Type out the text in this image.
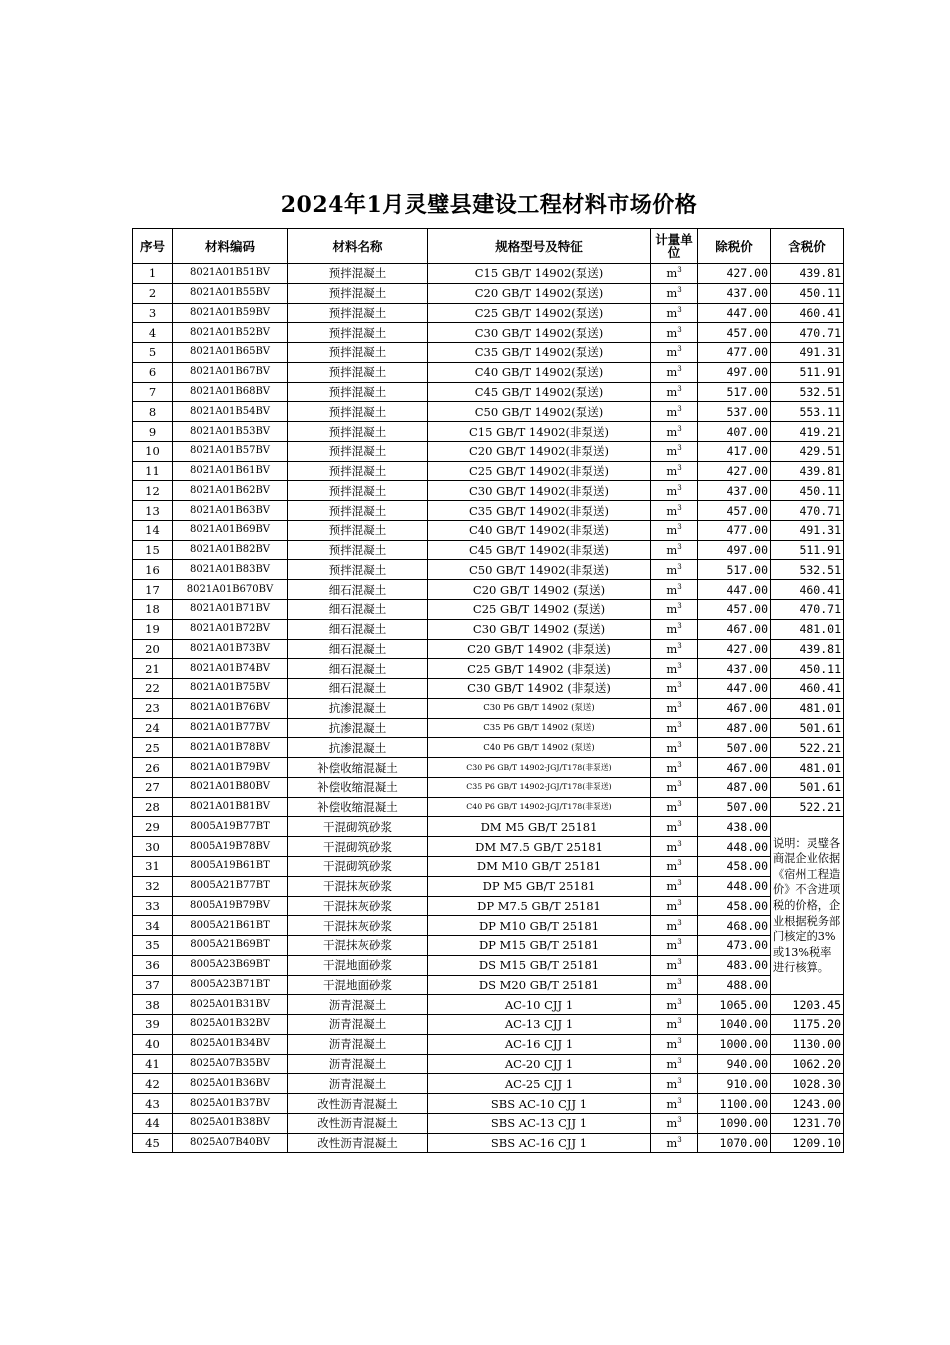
2024年1月灵璧县建设工程材料市场价格
序号	材料编码	材料名称	规格型号及特征	计量单位	除税价	含税价
1	8021A01B51BV	预拌混凝土	C15 GB/T 14902(泵送)	$m^3$	427.00	439.81
2	8021A01B55BV	预拌混凝土	C20 GB/T 14902(泵送)	$m^3$	437.00	450.11
3	8021A01B59BV	预拌混凝土	C25 GB/T 14902(泵送)	$m^3$	447.00	460.41
4	8021A01B52BV	预拌混凝土	C30 GB/T 14902(泵送)	$m^3$	457.00	470.71
5	8021A01B65BV	预拌混凝土	C35 GB/T 14902(泵送)	$m^3$	477.00	491.31
6	8021A01B67BV	预拌混凝土	C40 GB/T 14902(泵送)	$m^3$	497.00	511.91
7	8021A01B68BV	预拌混凝土	C45 GB/T 14902(泵送)	$m^3$	517.00	532.51
8	8021A01B54BV	预拌混凝土	C50 GB/T 14902(泵送)	$m^3$	537.00	553.11
9	8021A01B53BV	预拌混凝土	C15 GB/T 14902(非泵送)	$m^3$	407.00	419.21
10	8021A01B57BV	预拌混凝土	C20 GB/T 14902(非泵送)	$m^3$	417.00	429.51
11	8021A01B61BV	预拌混凝土	C25 GB/T 14902(非泵送)	$m^3$	427.00	439.81
12	8021A01B62BV	预拌混凝土	C30 GB/T 14902(非泵送)	$m^3$	437.00	450.11
13	8021A01B63BV	预拌混凝土	C35 GB/T 14902(非泵送)	$m^3$	457.00	470.71
14	8021A01B69BV	预拌混凝土	C40 GB/T 14902(非泵送)	$m^3$	477.00	491.31
15	8021A01B82BV	预拌混凝土	C45 GB/T 14902(非泵送)	$m^3$	497.00	511.91
16	8021A01B83BV	预拌混凝土	C50 GB/T 14902(非泵送)	$m^3$	517.00	532.51
17	8021A01B670BV	细石混凝土	C20 GB/T 14902 (泵送)	$m^3$	447.00	460.41
18	8021A01B71BV	细石混凝土	C25 GB/T 14902 (泵送)	$m^3$	457.00	470.71
19	8021A01B72BV	细石混凝土	C30 GB/T 14902 (泵送)	$m^3$	467.00	481.01
20	8021A01B73BV	细石混凝土	C20 GB/T 14902 (非泵送)	$m^3$	427.00	439.81
21	8021A01B74BV	细石混凝土	C25 GB/T 14902 (非泵送)	$m^3$	437.00	450.11
22	8021A01B75BV	细石混凝土	C30 GB/T 14902 (非泵送)	$m^3$	447.00	460.41
23	8021A01B76BV	抗渗混凝土	C30 P6 GB/T 14902 (泵送)	$m^3$	467.00	481.01
24	8021A01B77BV	抗渗混凝土	C35 P6 GB/T 14902 (泵送)	$m^3$	487.00	501.61
25	8021A01B78BV	抗渗混凝土	C40 P6 GB/T 14902 (泵送)	$m^3$	507.00	522.21
26	8021A01B79BV	补偿收缩混凝土	C30 P6 GB/T 14902-JGJ/T178(非泵送)	$m^3$	467.00	481.01
27	8021A01B80BV	补偿收缩混凝土	C35 P6 GB/T 14902-JGJ/T178(非泵送)	$m^3$	487.00	501.61
28	8021A01B81BV	补偿收缩混凝土	C40 P6 GB/T 14902-JGJ/T178(非泵送)	$m^3$	507.00	522.21
29	8005A19B77BT	干混砌筑砂浆	DM M5 GB/T 25181	$m^3$	438.00	说明：灵璧各商混企业依据《宿州工程造价》不含进项税的价格，企业根据税务部门核定的3%或13%税率进行核算。
30	8005A19B78BV	干混砌筑砂浆	DM M7.5 GB/T 25181	$m^3$	448.00	
31	8005A19B61BT	干混砌筑砂浆	DM M10 GB/T 25181	$m^3$	458.00	
32	8005A21B77BT	干混抹灰砂浆	DP M5 GB/T 25181	$m^3$	448.00	
33	8005A19B79BV	干混抹灰砂浆	DP M7.5 GB/T 25181	$m^3$	458.00	
34	8005A21B61BT	干混抹灰砂浆	DP M10 GB/T 25181	$m^3$	468.00	
35	8005A21B69BT	干混抹灰砂浆	DP M15 GB/T 25181	$m^3$	473.00	
36	8005A23B69BT	干混地面砂浆	DS M15 GB/T 25181	$m^3$	483.00	
37	8005A23B71BT	干混地面砂浆	DS M20 GB/T 25181	$m^3$	488.00	
38	8025A01B31BV	沥青混凝土	AC-10 CJJ 1	$m^3$	1065.00	1203.45
39	8025A01B32BV	沥青混凝土	AC-13 CJJ 1	$m^3$	1040.00	1175.20
40	8025A01B34BV	沥青混凝土	AC-16 CJJ 1	$m^3$	1000.00	1130.00
41	8025A07B35BV	沥青混凝土	AC-20 CJJ 1	$m^3$	940.00	1062.20
42	8025A01B36BV	沥青混凝土	AC-25 CJJ 1	$m^3$	910.00	1028.30
43	8025A01B37BV	改性沥青混凝土	SBS AC-10 CJJ 1	$m^3$	1100.00	1243.00
44	8025A01B38BV	改性沥青混凝土	SBS AC-13 CJJ 1	$m^3$	1090.00	1231.70
45	8025A07B40BV	改性沥青混凝土	SBS AC-16 CJJ 1	$m^3$	1070.00	1209.10
